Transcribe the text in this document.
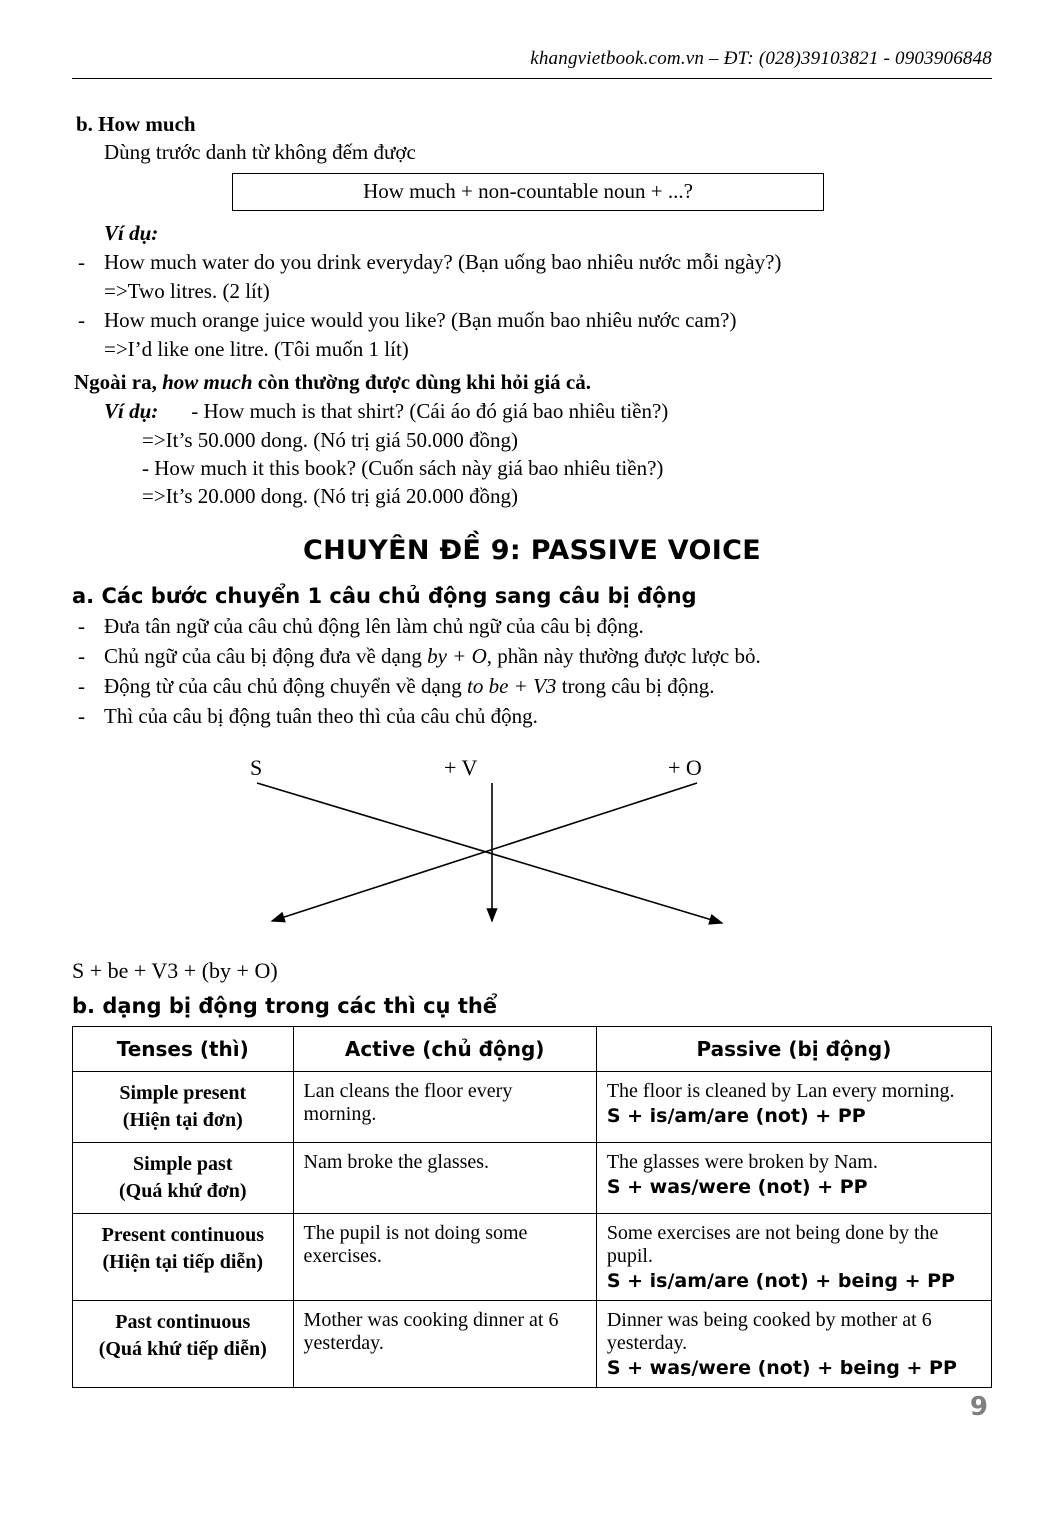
khangvietbook.com.vn – ĐT: (028)39103821 - 0903906848
b. How much
Dùng trước danh từ không đếm được
How much + non-countable noun + ...?
Ví dụ:
- How much water do you drink everyday? (Bạn uống bao nhiêu nước mỗi ngày?)
=>Two litres. (2 lít)
- How much orange juice would you like? (Bạn muốn bao nhiêu nước cam?)
=>I’d like one litre. (Tôi muốn 1 lít)
Ngoài ra, how much còn thường được dùng khi hỏi giá cả.
Ví dụ: - How much is that shirt? (Cái áo đó giá bao nhiêu tiền?)
=>It’s 50.000 dong. (Nó trị giá 50.000 đồng)
- How much it this book? (Cuốn sách này giá bao nhiêu tiền?)
=>It’s 20.000 dong. (Nó trị giá 20.000 đồng)
CHUYÊN ĐỀ 9: PASSIVE VOICE
a. Các bước chuyển 1 câu chủ động sang câu bị động
- Đưa tân ngữ của câu chủ động lên làm chủ ngữ của câu bị động.
- Chủ ngữ của câu bị động đưa về dạng by + O, phần này thường được lược bỏ.
- Động từ của câu chủ động chuyển về dạng to be + V3 trong câu bị động.
- Thì của câu bị động tuân theo thì của câu chủ động.
S	+ V	+ O
S + be + V3 + (by + O)
b. dạng bị động trong các thì cụ thể
Tenses (thì)	Active (chủ động)	Passive (bị động)

Simple present
(Hiện tại đơn)
	Lan cleans the floor every morning.	The floor is cleaned by Lan every morning.
S + is/am/are (not) + PP

Simple past
(Quá khứ đơn)
	Nam broke the glasses.	The glasses were broken by Nam.
S + was/were (not) + PP

Present continuous
(Hiện tại tiếp diễn)
	The pupil is not doing some exercises.	Some exercises are not being done by the pupil.
S + is/am/are (not) + being + PP

Past continuous
(Quá khứ tiếp diễn)
	Mother was cooking dinner at 6 yesterday.	Dinner was being cooked by mother at 6 yesterday.
S + was/were (not) + being + PP
9
